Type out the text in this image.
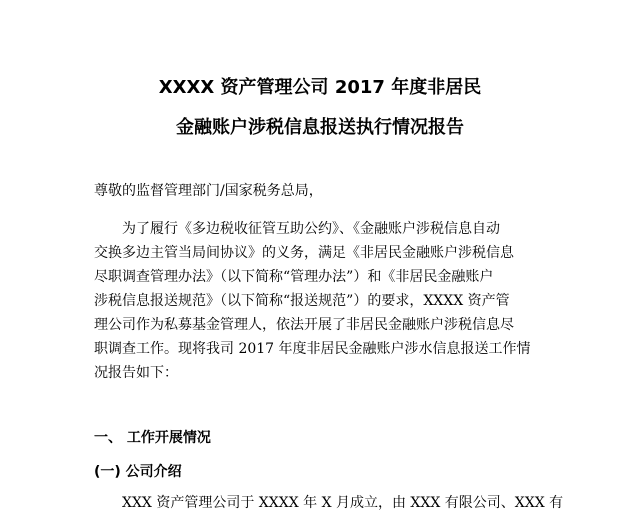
XXXX 资产管理公司 2017 年度非居民
金融账户涉税信息报送执行情况报告
尊敬的监督管理部门/国家税务总局，
为了履行《多边税收征管互助公约》、《金融账户涉税信息自动
交换多边主管当局间协议》的义务，满足《非居民金融账户涉税信息
尽职调查管理办法》（以下简称“管理办法”）和《非居民金融账户
涉税信息报送规范》（以下简称“报送规范”）的要求，XXXX 资产管
理公司作为私募基金管理人，依法开展了非居民金融账户涉税信息尽
职调查工作。现将我司 2017 年度非居民金融账户涉水信息报送工作情
况报告如下：
一、 工作开展情况
(一) 公司介绍
XXX 资产管理公司于 XXXX 年 X 月成立，由 XXX 有限公司、XXX 有
